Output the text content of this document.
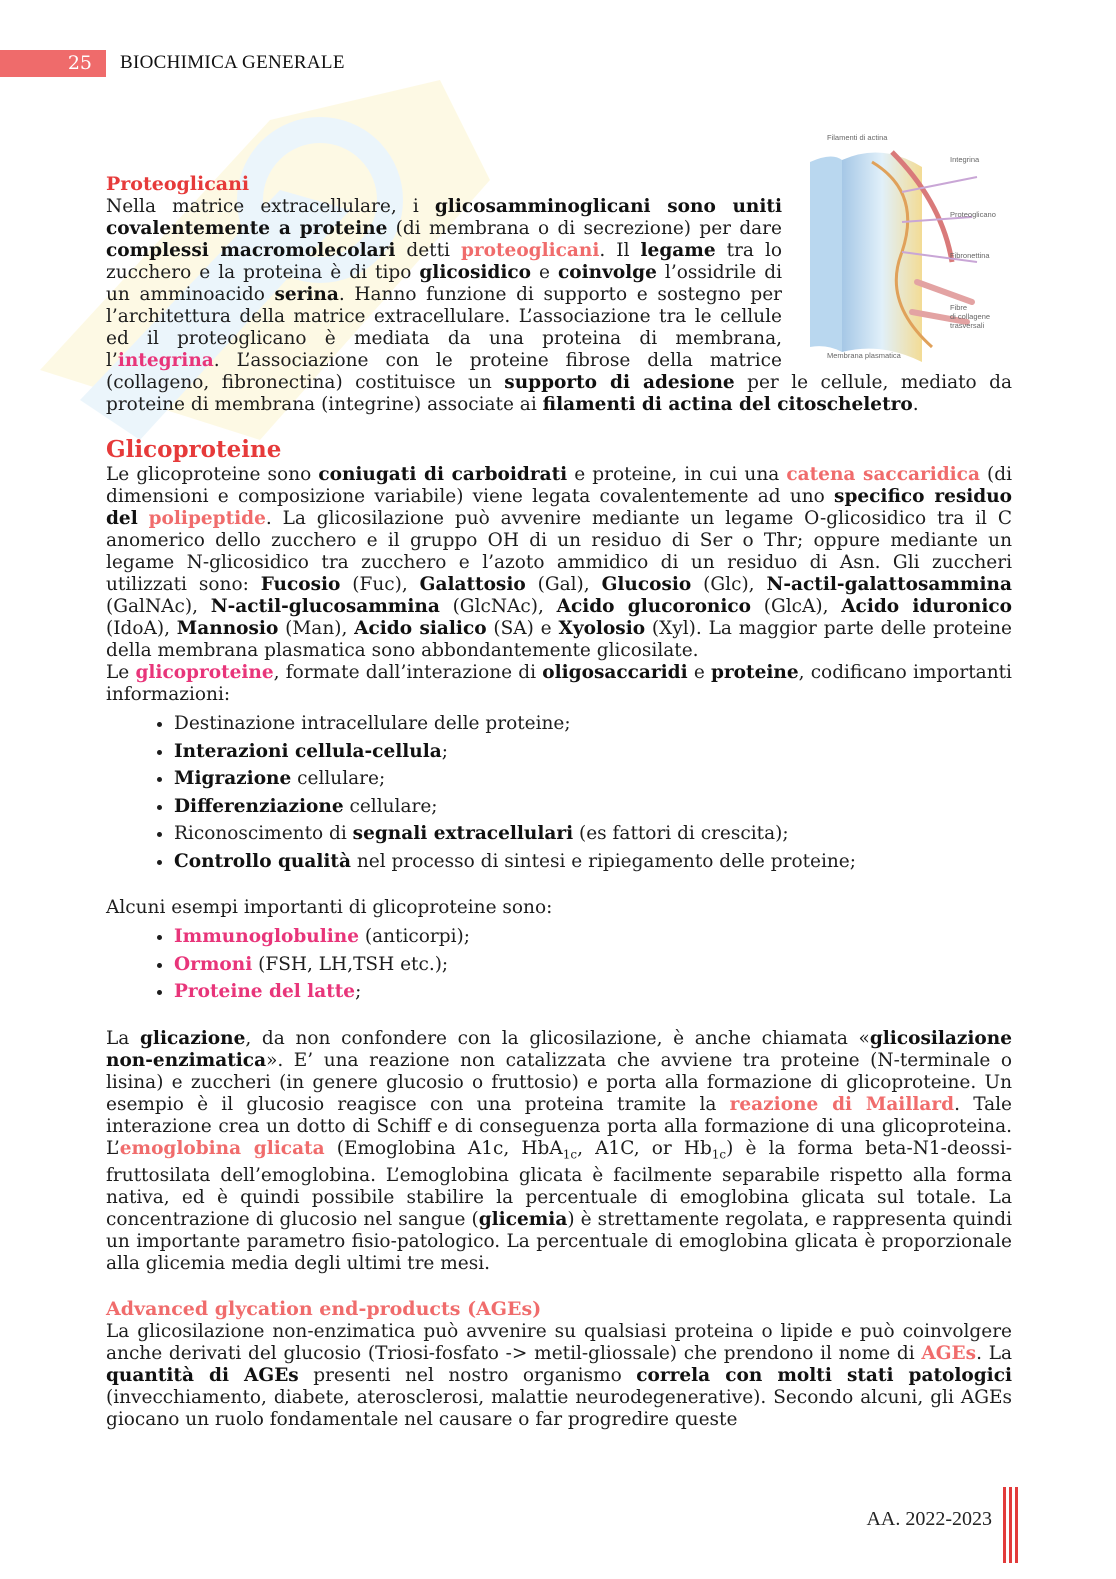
25	BIOCHIMICA GENERALE
Filamenti di actina
Integrina
Proteoglicano
Fibronettina
Fibre
di collagene
trasversali
Membrana plasmatica
Proteoglicani

Nella matrice extracellulare, i glicosamminoglicani sono uniti covalentemente a proteine (di membrana o di secrezione) per dare complessi macromolecolari detti proteoglicani. Il legame tra lo zucchero e la proteina è di tipo glicosidico e coinvolge l’ossidrile di un amminoacido serina. Hanno funzione di supporto e sostegno per l’architettura della matrice extracellulare. L’associazione tra le cellule ed il proteoglicano è mediata da una proteina di membrana, l’integrina. L’associazione con le proteine fibrose della matrice (collageno, fibronectina) costituisce un supporto di adesione per le cellule, mediato da proteine di membrana (integrine) associate ai filamenti di actina del citoscheletro.

Glicoproteine

Le glicoproteine sono coniugati di carboidrati e proteine, in cui una catena saccaridica (di dimensioni e composizione variabile) viene legata covalentemente ad uno specifico residuo del polipeptide. La glicosilazione può avvenire mediante un legame O-glicosidico tra il C anomerico dello zucchero e il gruppo OH di un residuo di Ser o Thr; oppure mediante un legame N-glicosidico tra zucchero e l’azoto ammidico di un residuo di Asn. Gli zuccheri utilizzati sono: Fucosio (Fuc), Galattosio (Gal), Glucosio (Glc), N-actil-galattosammina (GalNAc), N-actil-glucosammina (GlcNAc), Acido glucoronico (GlcA), Acido iduronico (IdoA), Mannosio (Man), Acido sialico (SA) e Xyolosio (Xyl). La maggior parte delle proteine della membrana plasmatica sono abbondantemente glicosilate.

Le glicoproteine, formate dall’interazione di oligosaccaridi e proteine, codificano importanti informazioni:

• Destinazione intracellulare delle proteine;
• Interazioni cellula-cellula;
• Migrazione cellulare;
• Differenziazione cellulare;
• Riconoscimento di segnali extracellulari (es fattori di crescita);
• Controllo qualità nel processo di sintesi e ripiegamento delle proteine;

Alcuni esempi importanti di glicoproteine sono:

• Immunoglobuline (anticorpi);
• Ormoni (FSH, LH,TSH etc.);
• Proteine del latte;

La glicazione, da non confondere con la glicosilazione, è anche chiamata «glicosilazione non-enzimatica». E’ una reazione non catalizzata che avviene tra proteine (N-terminale o lisina) e zuccheri (in genere glucosio o fruttosio) e porta alla formazione di glicoproteine. Un esempio è il glucosio reagisce con una proteina tramite la reazione di Maillard. Tale interazione crea un dotto di Schiff e di conseguenza porta alla formazione di una glicoproteina. L’emoglobina glicata (Emoglobina A1c, HbA$_{1c}$, A1C, or $Hb_{1c}$) è la forma beta-N1-deossi-fruttosilata dell’emoglobina. L’emoglobina glicata è facilmente separabile rispetto alla forma nativa, ed è quindi possibile stabilire la percentuale di emoglobina glicata sul totale. La concentrazione di glucosio nel sangue (glicemia) è strettamente regolata, e rappresenta quindi un importante parametro fisio-patologico. La percentuale di emoglobina glicata è proporzionale alla glicemia media degli ultimi tre mesi.

Advanced glycation end-products (AGEs)

La glicosilazione non-enzimatica può avvenire su qualsiasi proteina o lipide e può coinvolgere anche derivati del glucosio (Triosi-fosfato -> metil-gliossale) che prendono il nome di AGEs. La quantità di AGEs presenti nel nostro organismo correla con molti stati patologici (invecchiamento, diabete, aterosclerosi, malattie neurodegenerative). Secondo alcuni, gli AGEs giocano un ruolo fondamentale nel causare o far progredire queste

AA. 2022-2023
